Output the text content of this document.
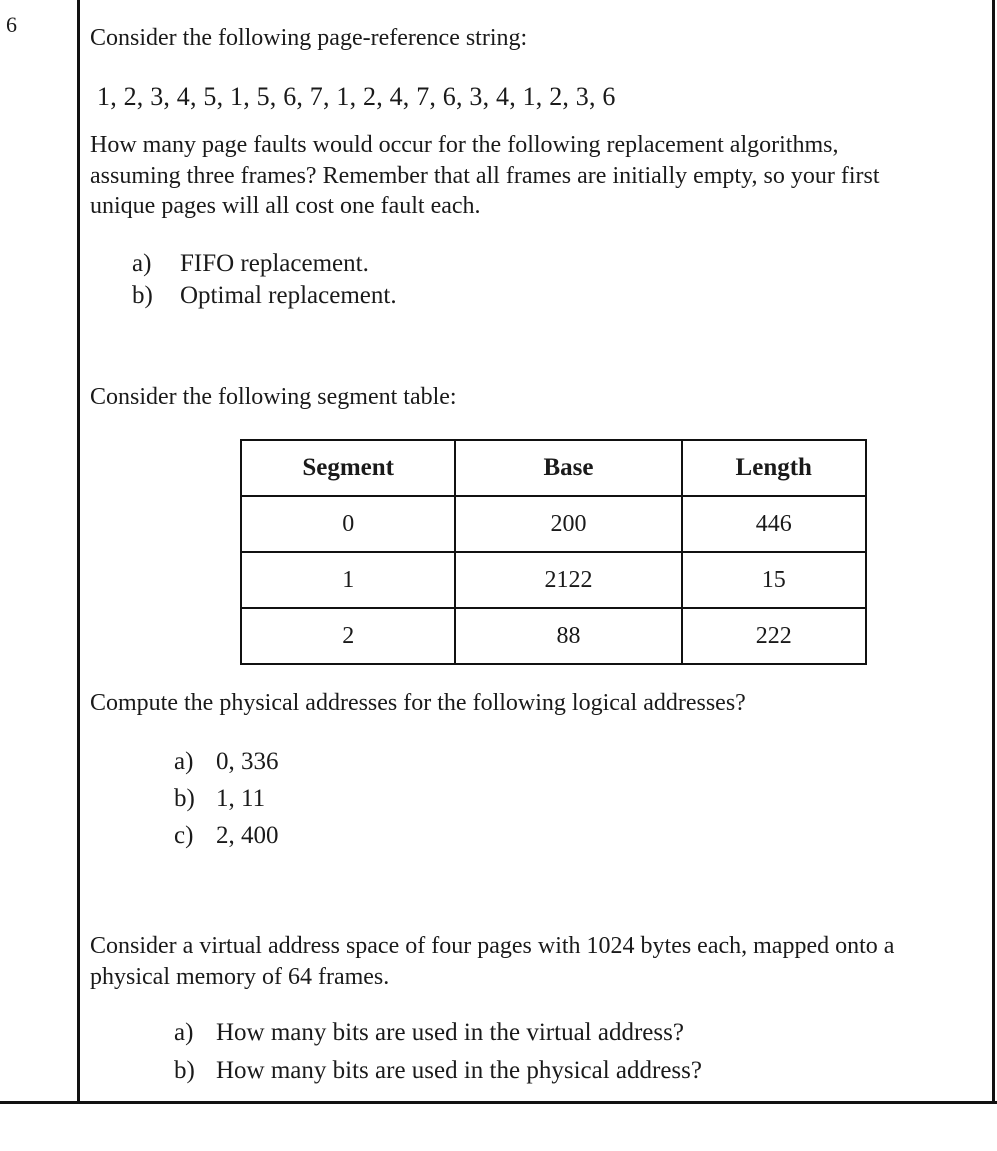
6
Consider the following page-reference string:
1, 2, 3, 4, 5, 1, 5, 6, 7, 1, 2, 4, 7, 6, 3, 4, 1, 2, 3, 6
How many page faults would occur for the following replacement algorithms,
assuming three frames? Remember that all frames are initially empty, so your first
unique pages will all cost one fault each.
a) FIFO replacement.
b) Optimal replacement.
Consider the following segment table:
Segment	Base	Length
0	200	446
1	2122	15
2	88	222
Compute the physical addresses for the following logical addresses?
a) 0, 336
b) 1, 11
c) 2, 400
Consider a virtual address space of four pages with 1024 bytes each, mapped onto a
physical memory of 64 frames.
a) How many bits are used in the virtual address?
b) How many bits are used in the physical address?
